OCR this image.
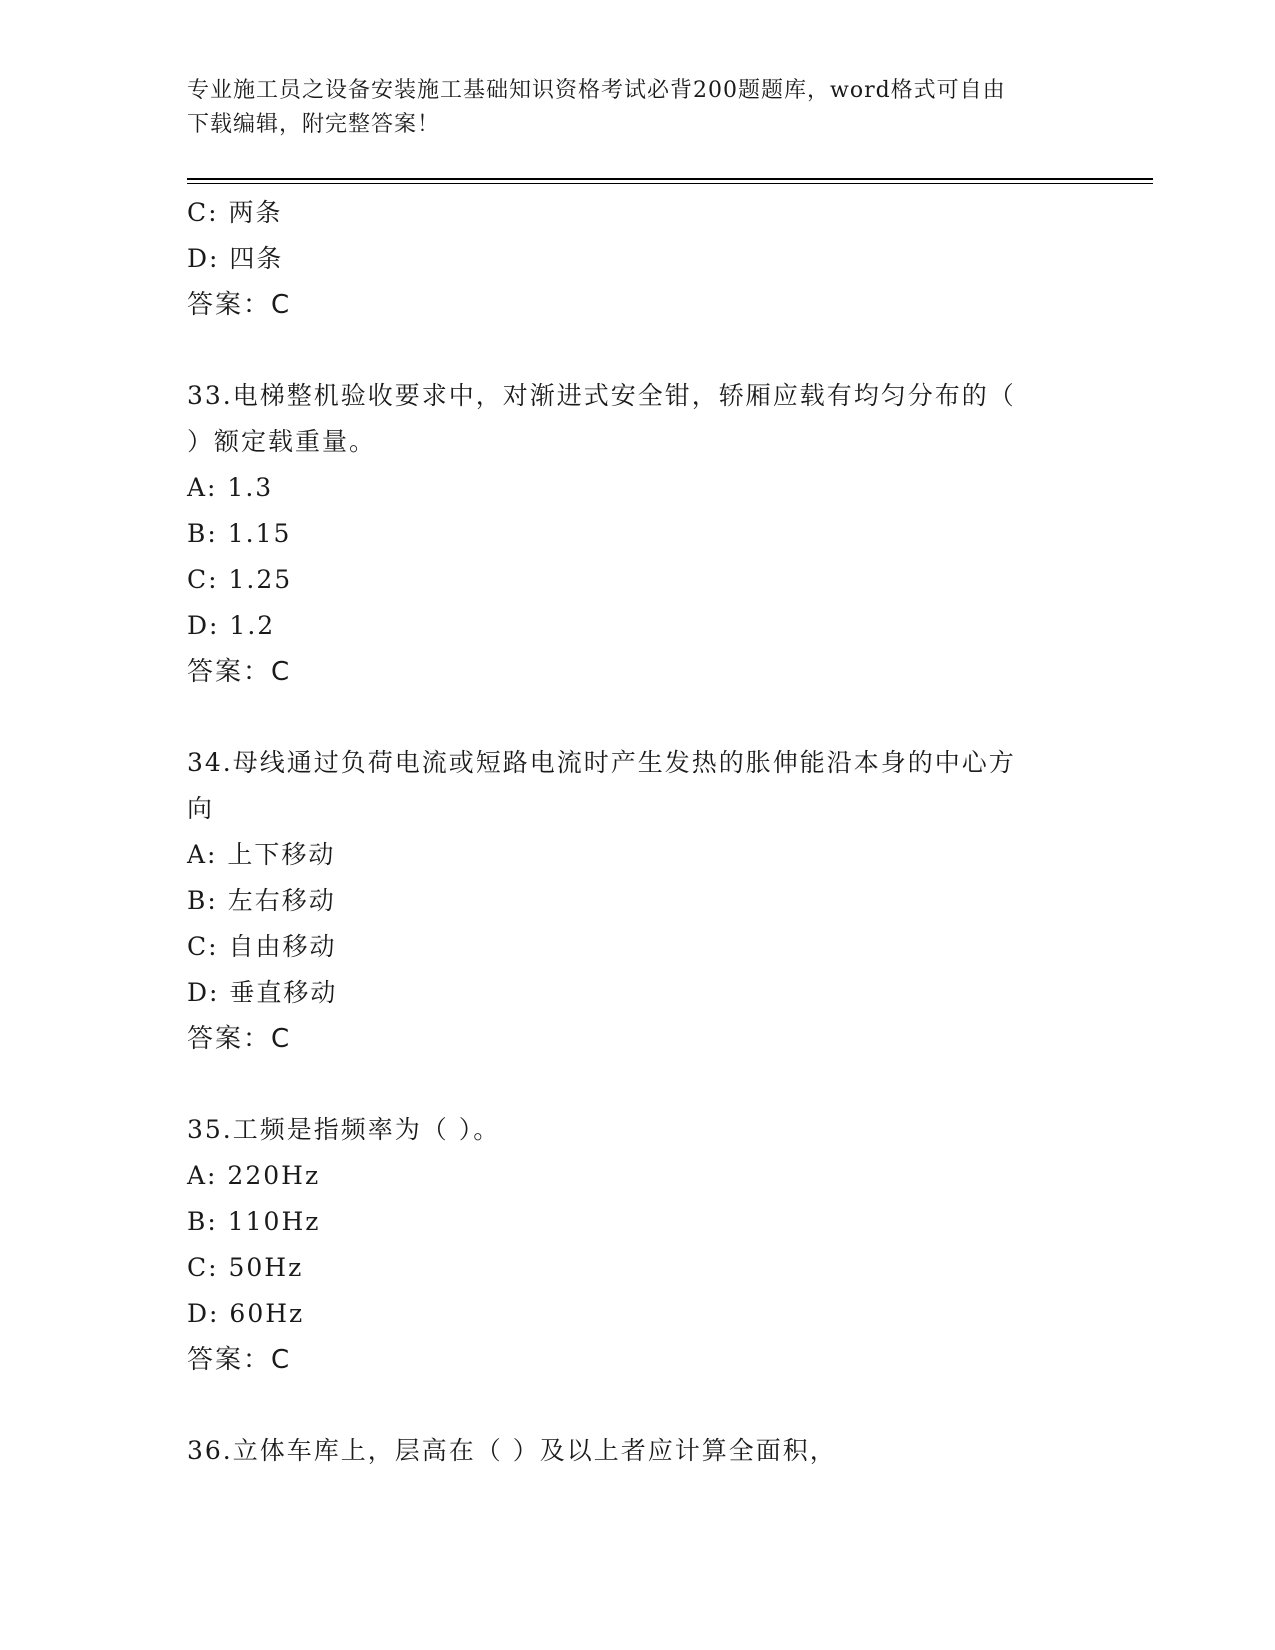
专业施工员之设备安装施工基础知识资格考试必背200题题库，word格式可自由
下载编辑，附完整答案！
C: 两条
D: 四条
答案：C
33.电梯整机验收要求中，对渐进式安全钳，轿厢应载有均匀分布的（
）额定载重量。
A: 1.3
B: 1.15
C: 1.25
D: 1.2
答案：C
34.母线通过负荷电流或短路电流时产生发热的胀伸能沿本身的中心方
向
A: 上下移动
B: 左右移动
C: 自由移动
D: 垂直移动
答案：C
35.工频是指频率为（ ）。
A: 220Hz
B: 110Hz
C: 50Hz
D: 60Hz
答案：C
36.立体车库上，层高在（ ）及以上者应计算全面积，
